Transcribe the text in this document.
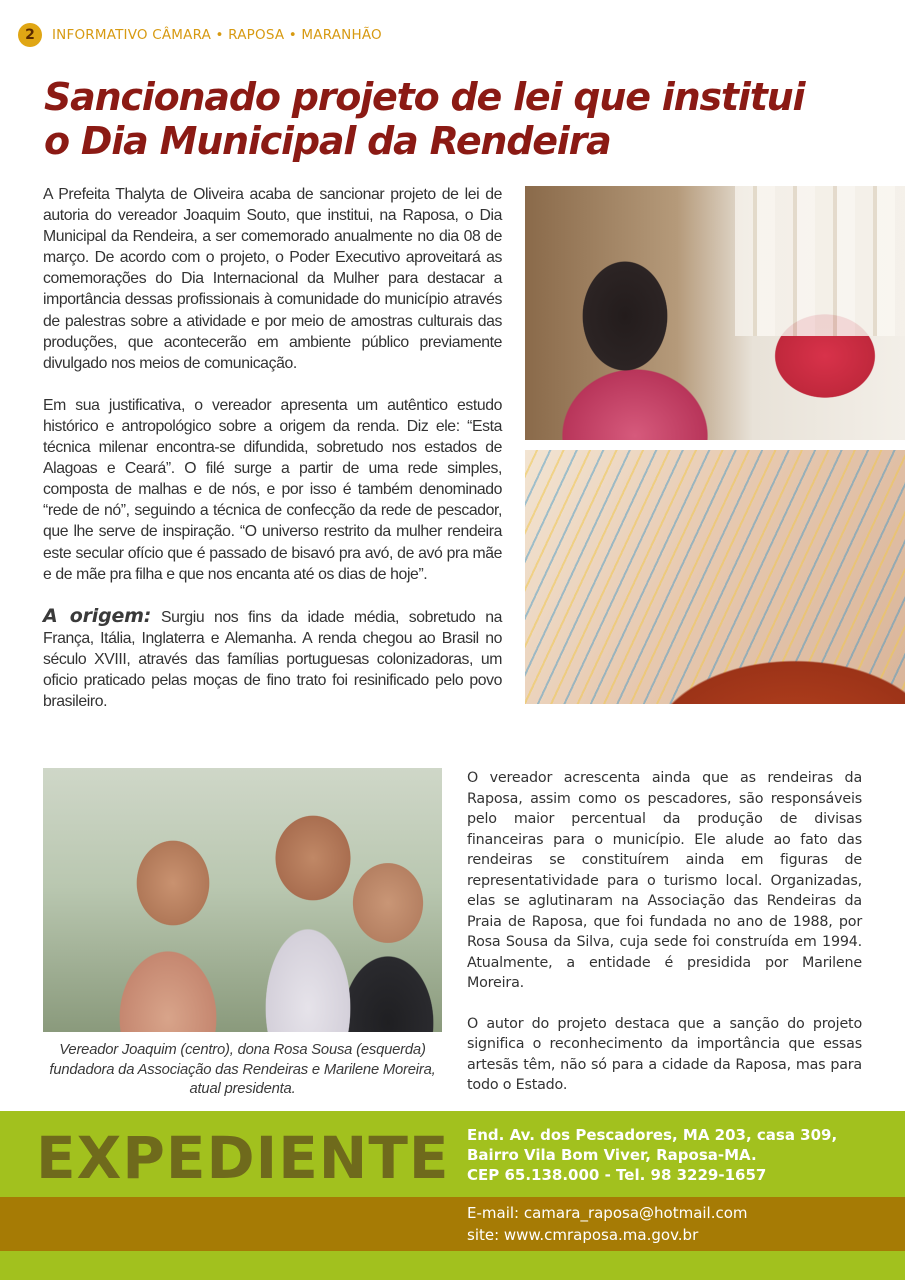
2	INFORMATIVO CÂMARA • RAPOSA • MARANHÃO
Sancionado projeto de lei que institui
o Dia Municipal da Rendeira

A Prefeita Thalyta de Oliveira acaba de sancionar projeto de lei de autoria do vereador Joaquim Souto, que institui, na Raposa, o Dia Municipal da Rendeira, a ser comemorado anualmente no dia 08 de março. De acordo com o projeto, o Poder Executivo aproveitará as comemorações do Dia Internacional da Mulher para destacar a importância dessas profissionais à comunidade do município através de palestras sobre a atividade e por meio de amostras culturais das produções, que acontecerão em ambiente público previamente divulgado nos meios de comunicação.

Em sua justificativa, o vereador apresenta um autêntico estudo histórico e antropológico sobre a origem da renda. Diz ele: “Esta técnica milenar encontra-se difundida, sobretudo nos estados de Alagoas e Ceará”. O filé surge a partir de uma rede simples, composta de malhas e de nós, e por isso é também denominado “rede de nó”, seguindo a técnica de confecção da rede de pescador, que lhe serve de inspiração. “O universo restrito da mulher rendeira este secular ofício que é passado de bisavó pra avó, de avó pra mãe e de mãe pra filha e que nos encanta até os dias de hoje”.

A origem: Surgiu nos fins da idade média, sobretudo na França, Itália, Inglaterra e Alemanha. A renda chegou ao Brasil no século XVIII, através das famílias portuguesas colonizadoras, um oficio praticado pelas moças de fino trato foi resinificado pelo povo brasileiro.

Vereador Joaquim (centro), dona Rosa Sousa (esquerda) fundadora da Associação das Rendeiras e Marilene Moreira, atual presidenta.

O vereador acrescenta ainda que as rendeiras da Raposa, assim como os pescadores, são responsáveis pelo maior percentual da produção de divisas financeiras para o município. Ele alude ao fato das rendeiras se constituírem ainda em figuras de representatividade para o turismo local. Organizadas, elas se aglutinaram na Associação das Rendeiras da Praia de Raposa, que foi fundada no ano de 1988, por Rosa Sousa da Silva, cuja sede foi construída em 1994. Atualmente, a entidade é presidida por Marilene Moreira.

O autor do projeto destaca que a sanção do projeto significa o reconhecimento da importância que essas artesãs têm, não só para a cidade da Raposa, mas para todo o Estado.

EXPEDIENTE End. Av. dos Pescadores, MA 203, casa 309,
Bairro Vila Bom Viver, Raposa-MA.
CEP 65.138.000 - Tel. 98 3229-1657
E-mail: camara_raposa@hotmail.com
site: www.cmraposa.ma.gov.br
